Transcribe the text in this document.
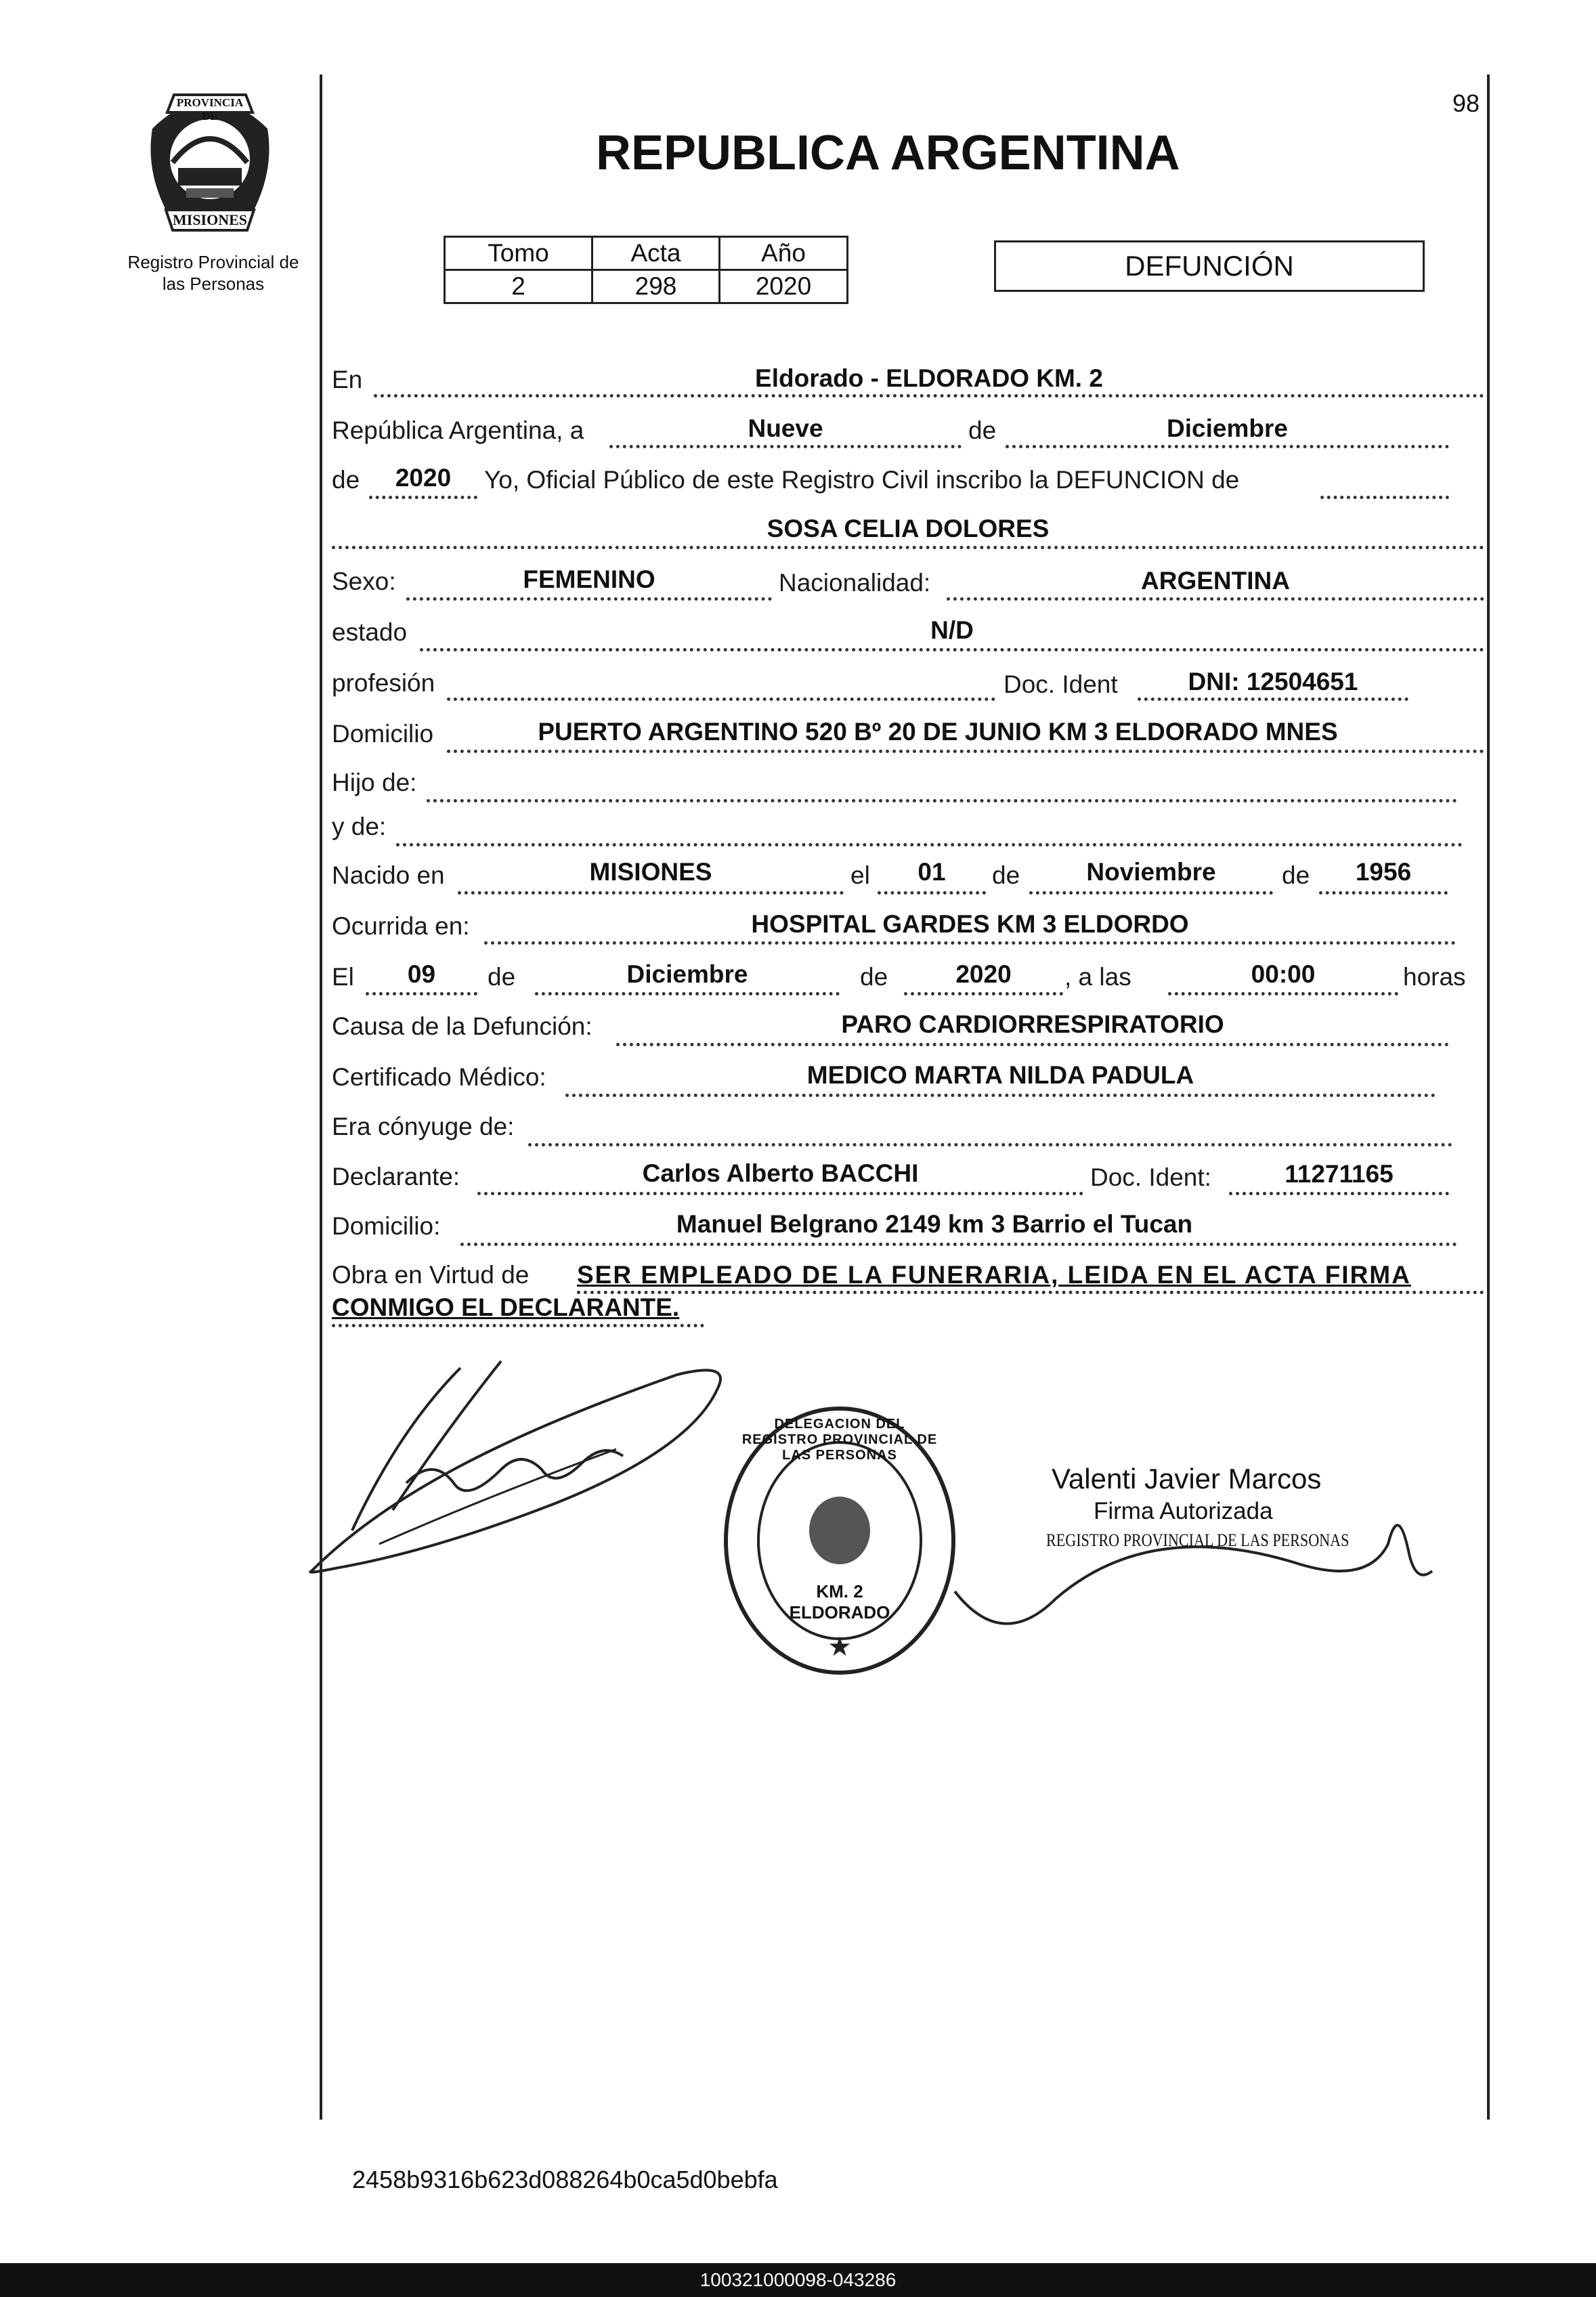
PROVINCIA DE
MISIONES
Registro Provincial de
las Personas
REPUBLICA ARGENTINA
98
Tomo	Acta	Año
2	298	2020
DEFUNCIÓN
En	Eldorado - ELDORADO KM. 2
República Argentina, a	Nueve	de	Diciembre
de	2020	Yo, Oficial Público de este Registro Civil inscribo la DEFUNCION de
SOSA CELIA DOLORES
Sexo:	FEMENINO	Nacionalidad:	ARGENTINA
estado	N/D
profesión	Doc. Ident	DNI: 12504651
Domicilio	PUERTO ARGENTINO 520 Bº 20 DE JUNIO KM 3 ELDORADO MNES
Hijo de:
y de:
Nacido en	MISIONES	el	01	de	Noviembre	de	1956
Ocurrida en:	HOSPITAL GARDES KM 3 ELDORDO
El	09	de	Diciembre	de	2020	, a las	00:00	horas
Causa de la Defunción:	PARO CARDIORRESPIRATORIO
Certificado Médico:	MEDICO MARTA NILDA PADULA
Era cónyuge de:
Declarante:	Carlos Alberto BACCHI	Doc. Ident:	11271165
Domicilio:	Manuel Belgrano 2149 km 3 Barrio el Tucan
Obra en Virtud de SER EMPLEADO DE LA FUNERARIA, LEIDA EN EL ACTA FIRMA
CONMIGO EL DECLARANTE.
★
DELEGACION DEL REGISTRO PROVINCIAL DE LAS PERSONAS
KM. 2 ELDORADO
Valenti Javier Marcos
Firma Autorizada
REGISTRO PROVINCIAL DE LAS PERSONAS
2458b9316b623d088264b0ca5d0bebfa
100321000098-043286
